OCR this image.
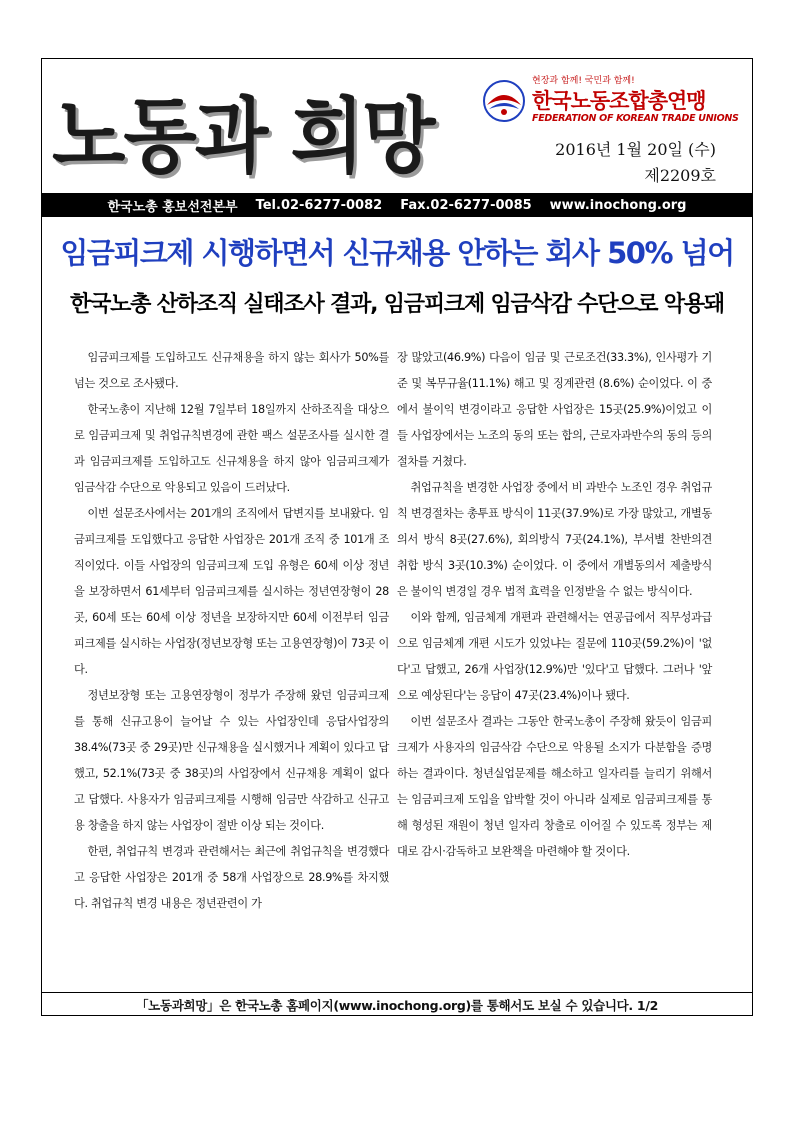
노동과 희망
현장과 함께! 국민과 함께!
한국노동조합총연맹
FEDERATION OF KOREAN TRADE UNIONS
2016년 1월 20일 (수)
제2209호
한국노총 홍보선전본부 Tel.02-6277-0082 Fax.02-6277-0085 www.inochong.org
임금피크제 시행하면서 신규채용 안하는 회사 50% 넘어
한국노총 산하조직 실태조사 결과, 임금피크제 임금삭감 수단으로 악용돼

임금피크제를 도입하고도 신규채용을 하지 않는 회사가 50%를 넘는 것으로 조사됐다.

한국노총이 지난해 12월 7일부터 18일까지 산하조직을 대상으로 임금피크제 및 취업규칙변경에 관한 팩스 설문조사를 실시한 결과 임금피크제를 도입하고도 신규채용을 하지 않아 임금피크제가 임금삭감 수단으로 악용되고 있음이 드러났다.

이번 설문조사에서는 201개의 조직에서 답변지를 보내왔다. 임금피크제를 도입했다고 응답한 사업장은 201개 조직 중 101개 조직이었다. 이들 사업장의 임금피크제 도입 유형은 60세 이상 정년을 보장하면서 61세부터 임금피크제를 실시하는 정년연장형이 28곳, 60세 또는 60세 이상 정년을 보장하지만 60세 이전부터 임금피크제를 실시하는 사업장(정년보장형 또는 고용연장형)이 73곳 이다.

정년보장형 또는 고용연장형이 정부가 주장해 왔던 임금피크제를 통해 신규고용이 늘어날 수 있는 사업장인데 응답사업장의 38.4%(73곳 중 29곳)만 신규채용을 실시했거나 계획이 있다고 답했고, 52.1%(73곳 중 38곳)의 사업장에서 신규채용 계획이 없다고 답했다. 사용자가 임금피크제를 시행해 임금만 삭감하고 신규고용 창출을 하지 않는 사업장이 절반 이상 되는 것이다.

한편, 취업규칙 변경과 관련해서는 최근에 취업규칙을 변경했다고 응답한 사업장은 201개 중 58개 사업장으로 28.9%를 차지했다. 취업규칙 변경 내용은 정년관련이 가

장 많았고(46.9%) 다음이 임금 및 근로조건(33.3%), 인사평가 기준 및 복무규율(11.1%) 해고 및 징계관련 (8.6%) 순이었다. 이 중에서 불이익 변경이라고 응답한 사업장은 15곳(25.9%)이었고 이들 사업장에서는 노조의 동의 또는 합의, 근로자과반수의 동의 등의 절차를 거쳤다.

취업규칙을 변경한 사업장 중에서 비 과반수 노조인 경우 취업규칙 변경절차는 총투표 방식이 11곳(37.9%)로 가장 많았고, 개별동의서 방식 8곳(27.6%), 회의방식 7곳(24.1%), 부서별 찬반의견 취합 방식 3곳(10.3%) 순이었다. 이 중에서 개별동의서 제출방식은 불이익 변경일 경우 법적 효력을 인정받을 수 없는 방식이다.

이와 함께, 임금체계 개편과 관련해서는 연공급에서 직무성과급으로 임금체계 개편 시도가 있었냐는 질문에 110곳(59.2%)이 '없다'고 답했고, 26개 사업장(12.9%)만 '있다'고 답했다. 그러나 '앞으로 예상된다'는 응답이 47곳(23.4%)이나 됐다.

이번 설문조사 결과는 그동안 한국노총이 주장해 왔듯이 임금피크제가 사용자의 임금삭감 수단으로 악용될 소지가 다분함을 증명하는 결과이다. 청년실업문제를 해소하고 일자리를 늘리기 위해서는 임금피크제 도입을 압박할 것이 아니라 실제로 임금피크제를 통해 형성된 재원이 청년 일자리 창출로 이어질 수 있도록 정부는 제대로 감시·감독하고 보완책을 마련해야 할 것이다.

「노동과희망」은 한국노총 홈페이지(www.inochong.org)를 통해서도 보실 수 있습니다. 1/2
